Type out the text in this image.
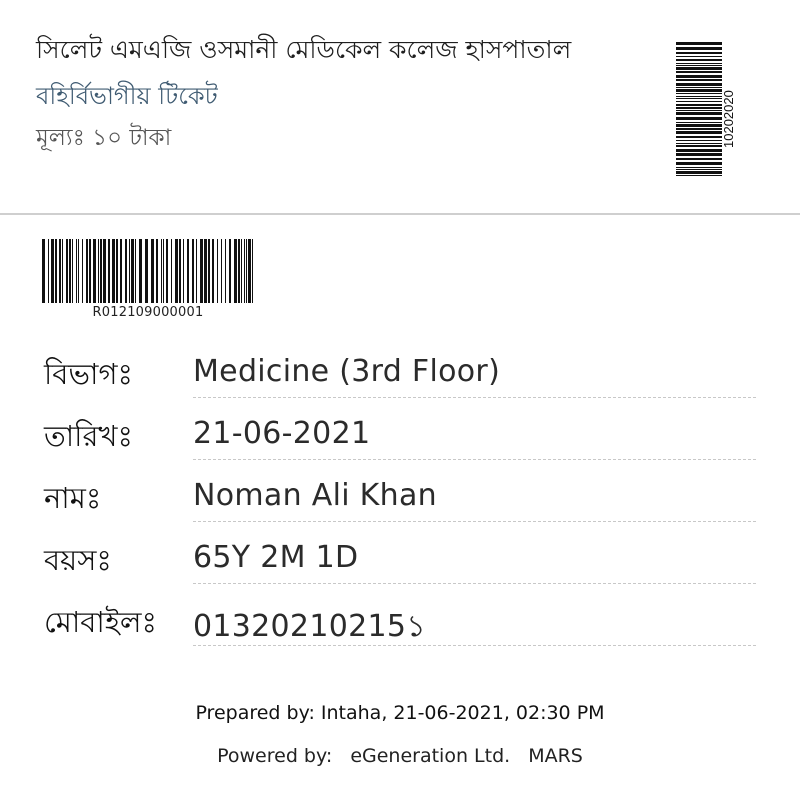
সিলেট এমএজি ওসমানী মেডিকেল কলেজ হাসপাতাল
বহির্বিভাগীয় টিকেট
মূল্যঃ ১০ টাকা	10202020
R012109000001
বিভাগঃ Medicine (3rd Floor)
তারিখঃ 21-06-2021
নামঃ	Noman Ali Khan
বয়সঃ	65Y 2M 1D
মোবাইলঃ 01320210215১
Prepared by: Intaha, 21-06-2021, 02:30 PM
Powered by: eGeneration Ltd. MARS
